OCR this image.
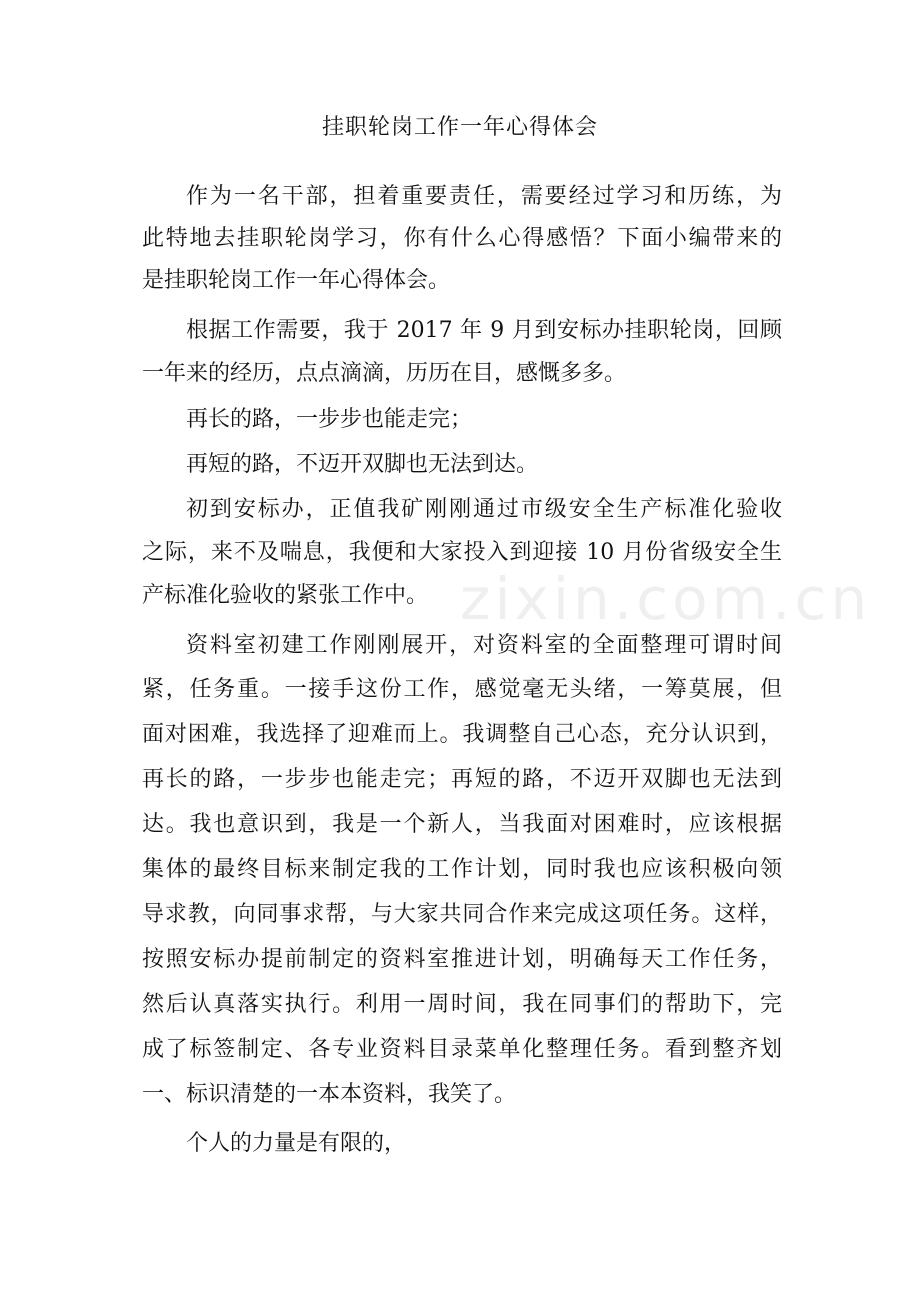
挂职轮岗工作一年心得体会
zixin.com.cn
作为一名干部，担着重要责任，需要经过学习和历练，为
此特地去挂职轮岗学习，你有什么心得感悟？下面小编带来的
是挂职轮岗工作一年心得体会。
根据工作需要，我于 2017 年 9 月到安标办挂职轮岗，回顾
一年来的经历，点点滴滴，历历在目，感慨多多。
再长的路，一步步也能走完；
再短的路，不迈开双脚也无法到达。
初到安标办，正值我矿刚刚通过市级安全生产标准化验收
之际，来不及喘息，我便和大家投入到迎接 10 月份省级安全生
产标准化验收的紧张工作中。
资料室初建工作刚刚展开，对资料室的全面整理可谓时间
紧，任务重。一接手这份工作，感觉毫无头绪，一筹莫展，但
面对困难，我选择了迎难而上。我调整自己心态，充分认识到，
再长的路，一步步也能走完；再短的路，不迈开双脚也无法到
达。我也意识到，我是一个新人，当我面对困难时，应该根据
集体的最终目标来制定我的工作计划，同时我也应该积极向领
导求教，向同事求帮，与大家共同合作来完成这项任务。这样，
按照安标办提前制定的资料室推进计划，明确每天工作任务，
然后认真落实执行。利用一周时间，我在同事们的帮助下，完
成了标签制定、各专业资料目录菜单化整理任务。看到整齐划
一、标识清楚的一本本资料，我笑了。
个人的力量是有限的，
